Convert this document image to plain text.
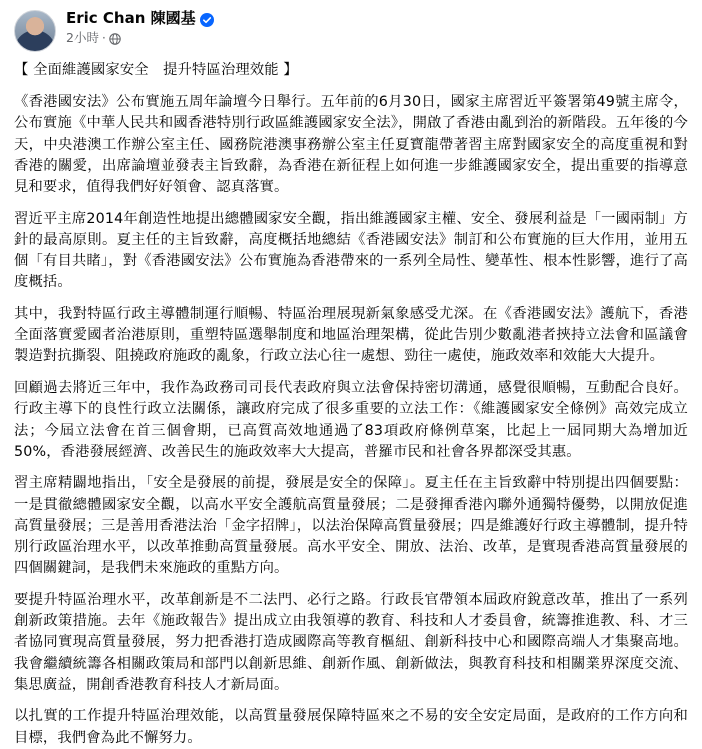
Eric Chan 陳國基
2小時 ·

【 全面維護國家安全　提升特區治理效能 】

《香港國安法》公布實施五周年論壇今日舉行。五年前的6月30日，國家主席習近平簽署第49號主席令，公布實施《中華人民共和國香港特別行政區維護國家安全法》，開啟了香港由亂到治的新階段。五年後的今天，中央港澳工作辦公室主任、國務院港澳事務辦公室主任夏寶龍帶著習主席對國家安全的高度重視和對香港的關愛，出席論壇並發表主旨致辭，為香港在新征程上如何進一步維護國家安全，提出重要的指導意見和要求，值得我們好好領會、認真落實。

習近平主席2014年創造性地提出總體國家安全觀，指出維護國家主權、安全、發展利益是「一國兩制」方針的最高原則。夏主任的主旨致辭，高度概括地總結《香港國安法》制訂和公布實施的巨大作用，並用五個「有目共睹」，對《香港國安法》公布實施為香港帶來的一系列全局性、變革性、根本性影響，進行了高度概括。

其中，我對特區行政主導體制運行順暢、特區治理展現新氣象感受尤深。在《香港國安法》護航下，香港全面落實愛國者治港原則，重塑特區選舉制度和地區治理架構，從此告別少數亂港者挾持立法會和區議會製造對抗撕裂、阻撓政府施政的亂象，行政立法心往一處想、勁往一處使，施政效率和效能大大提升。

回顧過去將近三年中，我作為政務司司長代表政府與立法會保持密切溝通，感覺很順暢，互動配合良好。行政主導下的良性行政立法關係，讓政府完成了很多重要的立法工作：《維護國家安全條例》高效完成立法；今屆立法會在首三個會期，已高質高效地通過了83項政府條例草案，比起上一屆同期大為增加近50%，香港發展經濟、改善民生的施政效率大大提高，普羅市民和社會各界都深受其惠。

習主席精闢地指出，「安全是發展的前提，發展是安全的保障」。夏主任在主旨致辭中特別提出四個要點：一是貫徹總體國家安全觀，以高水平安全護航高質量發展；二是發揮香港內聯外通獨特優勢，以開放促進高質量發展；三是善用香港法治「金字招牌」，以法治保障高質量發展；四是維護好行政主導體制，提升特別行政區治理水平，以改革推動高質量發展。高水平安全、開放、法治、改革，是實現香港高質量發展的四個關鍵詞，是我們未來施政的重點方向。

要提升特區治理水平，改革創新是不二法門、必行之路。行政長官帶領本屆政府銳意改革，推出了一系列創新政策措施。去年《施政報告》提出成立由我領導的教育、科技和人才委員會，統籌推進教、科、才三者協同實現高質量發展，努力把香港打造成國際高等教育樞紐、創新科技中心和國際高端人才集聚高地。我會繼續統籌各相關政策局和部門以創新思維、創新作風、創新做法，與教育科技和相關業界深度交流、集思廣益，開創香港教育科技人才新局面。

以扎實的工作提升特區治理效能，以高質量發展保障特區來之不易的安全安定局面，是政府的工作方向和目標，我們會為此不懈努力。
